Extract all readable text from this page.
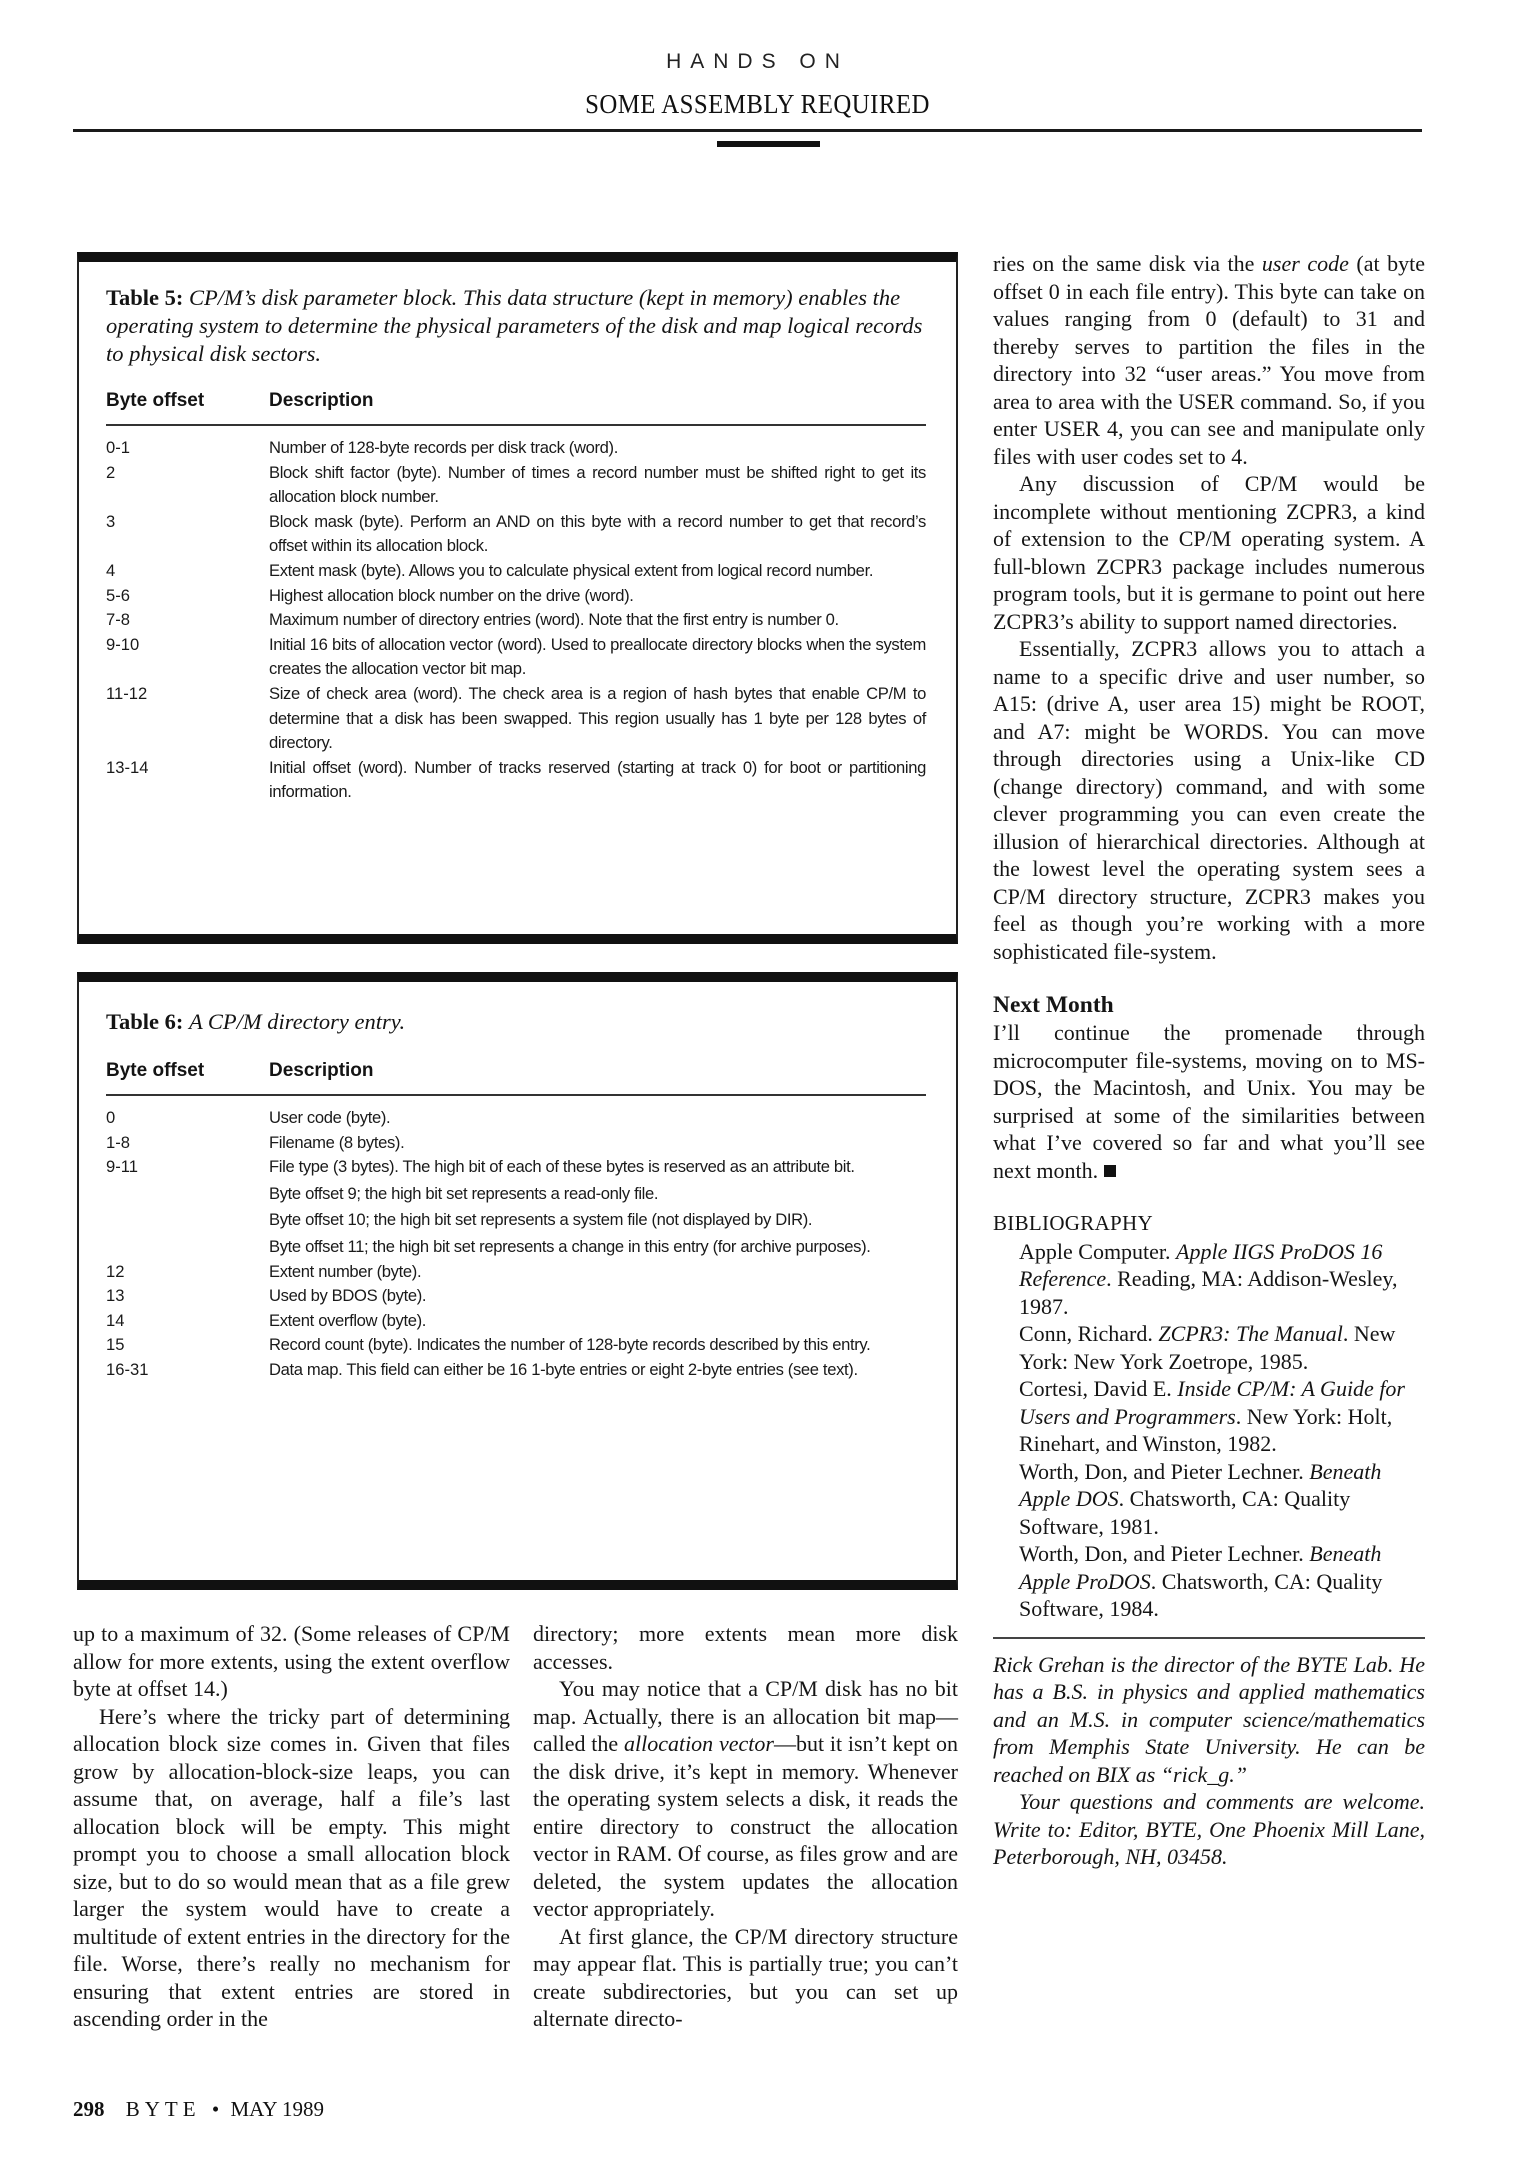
HANDS ON
SOME ASSEMBLY REQUIRED
Table 5: CP/M’s disk parameter block. This data structure (kept in memory) enables the operating system to determine the physical parameters of the disk and map logical records to physical disk sectors.
Byte offset	Description
0-1	Number of 128-byte records per disk track (word).

2	Block shift factor (byte). Number of times a record number must be shifted right to get its allocation block number.

3	Block mask (byte). Perform an AND on this byte with a record number to get that record’s offset within its allocation block.

4	Extent mask (byte). Allows you to calculate physical extent from logical record number.

5-6	Highest allocation block number on the drive (word).

7-8	Maximum number of directory entries (word). Note that the first entry is number 0.

9-10	Initial 16 bits of allocation vector (word). Used to preallocate directory blocks when the system creates the allocation vector bit map.

11-12	Size of check area (word). The check area is a region of hash bytes that enable CP/M to determine that a disk has been swapped. This region usually has 1 byte per 128 bytes of directory.

13-14	Initial offset (word). Number of tracks reserved (starting at track 0) for boot or partitioning information.

Table 6: A CP/M directory entry.
Byte offset	Description
0	User code (byte).

1-8	Filename (8 bytes).

9-11	File type (3 bytes). The high bit of each of these bytes is reserved as an attribute bit.

Byte offset 9; the high bit set represents a read-only file.

Byte offset 10; the high bit set represents a system file (not displayed by DIR).

Byte offset 11; the high bit set represents a change in this entry (for archive purposes).

12	Extent number (byte).

13	Used by BDOS (byte).

14	Extent overflow (byte).

15	Record count (byte). Indicates the number of 128-byte records described by this entry.

16-31	Data map. This field can either be 16 1-byte entries or eight 2-byte entries (see text).

up to a maximum of 32. (Some releases of CP/M allow for more extents, using the extent overflow byte at offset 14.)

Here’s where the tricky part of determining allocation block size comes in. Given that files grow by allocation-block-size leaps, you can assume that, on average, half a file’s last allocation block will be empty. This might prompt you to choose a small allocation block size, but to do so would mean that as a file grew larger the system would have to create a multitude of extent entries in the directory for the file. Worse, there’s really no mechanism for ensuring that extent entries are stored in ascending order in the

directory; more extents mean more disk accesses.

You may notice that a CP/M disk has no bit map. Actually, there is an allocation bit map—called the allocation vector—but it isn’t kept on the disk drive, it’s kept in memory. Whenever the operating system selects a disk, it reads the entire directory to construct the allocation vector in RAM. Of course, as files grow and are deleted, the system updates the allocation vector appropriately.

At first glance, the CP/M directory structure may appear flat. This is partially true; you can’t create subdirectories, but you can set up alternate directo-

ries on the same disk via the user code (at byte offset 0 in each file entry). This byte can take on values ranging from 0 (default) to 31 and thereby serves to partition the files in the directory into 32 “user areas.” You move from area to area with the USER command. So, if you enter USER 4, you can see and manipulate only files with user codes set to 4.

Any discussion of CP/M would be incomplete without mentioning ZCPR3, a kind of extension to the CP/M operating system. A full-blown ZCPR3 package includes numerous program tools, but it is germane to point out here ZCPR3’s ability to support named directories.

Essentially, ZCPR3 allows you to attach a name to a specific drive and user number, so A15: (drive A, user area 15) might be ROOT, and A7: might be WORDS. You can move through directories using a Unix-like CD (change directory) command, and with some clever programming you can even create the illusion of hierarchical directories. Although at the lowest level the operating system sees a CP/M directory structure, ZCPR3 makes you feel as though you’re working with a more sophisticated file-system.

Next Month

I’ll continue the promenade through microcomputer file-systems, moving on to MS-DOS, the Macintosh, and Unix. You may be surprised at some of the similarities between what I’ve covered so far and what you’ll see next month.

BIBLIOGRAPHY

Apple Computer. Apple IIGS ProDOS 16 Reference. Reading, MA: Addison-Wesley, 1987.

Conn, Richard. ZCPR3: The Manual. New York: New York Zoetrope, 1985.

Cortesi, David E. Inside CP/M: A Guide for Users and Programmers. New York: Holt, Rinehart, and Winston, 1982.

Worth, Don, and Pieter Lechner. Beneath Apple DOS. Chatsworth, CA: Quality Software, 1981.

Worth, Don, and Pieter Lechner. Beneath Apple ProDOS. Chatsworth, CA: Quality Software, 1984.

Rick Grehan is the director of the BYTE Lab. He has a B.S. in physics and applied mathematics and an M.S. in computer science/mathematics from Memphis State University. He can be reached on BIX as “rick_g.”

Your questions and comments are welcome. Write to: Editor, BYTE, One Phoenix Mill Lane, Peterborough, NH, 03458.

298 BYTE • MAY 1989
